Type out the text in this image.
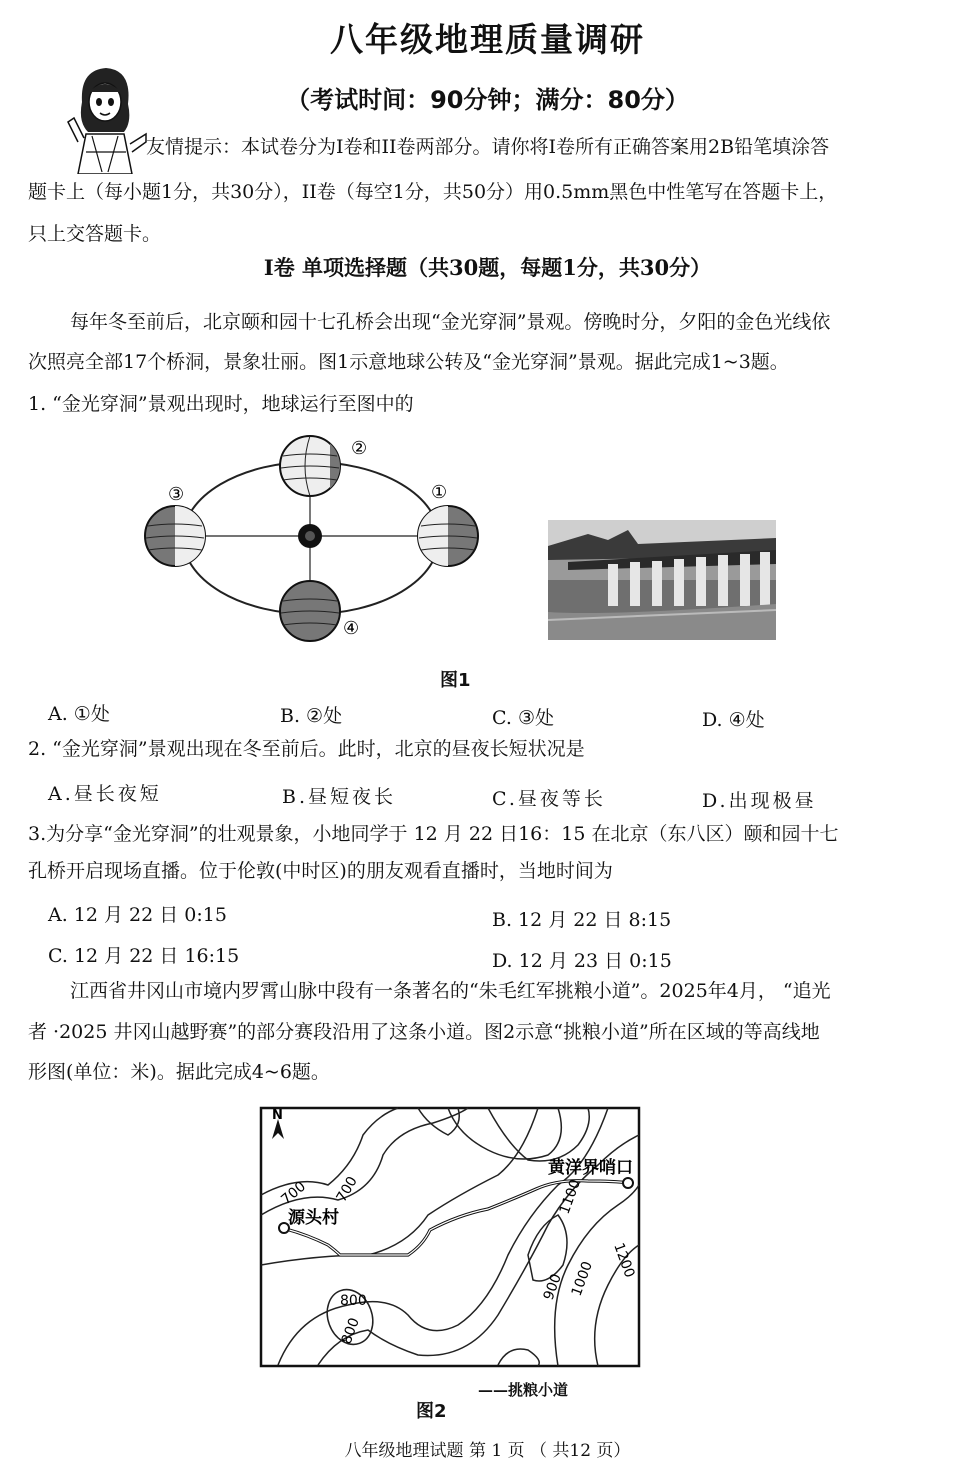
八年级地理质量调研
（考试时间：90分钟；满分：80分）
友情提示：本试卷分为I卷和II卷两部分。请你将I卷所有正确答案用2B铅笔填涂答
题卡上（每小题1分，共30分），II卷（每空1分，共50分）用0.5mm黑色中性笔写在答题卡上，
只上交答题卡。
I卷 单项选择题（共30题，每题1分，共30分）
每年冬至前后，北京颐和园十七孔桥会出现“金光穿洞”景观。傍晚时分，夕阳的金色光线依
次照亮全部17个桥洞，景象壮丽。图1示意地球公转及“金光穿洞”景观。据此完成1~3题。
1. “金光穿洞”景观出现时，地球运行至图中的
②
①
③
④
图1
A. ①处	B. ②处	C. ③处	D. ④处
2. “金光穿洞”景观出现在冬至前后。此时，北京的昼夜长短状况是
A.昼长夜短	B.昼短夜长	C.昼夜等长	D.出现极昼
3.为分享“金光穿洞”的壮观景象，小地同学于 12 月 22 日16：15 在北京（东八区）颐和园十七
孔桥开启现场直播。位于伦敦(中时区)的朋友观看直播时，当地时间为
A. 12 月 22 日 0:15	B. 12 月 22 日 8:15
C. 12 月 22 日 16:15	D. 12 月 23 日 0:15
江西省井冈山市境内罗霄山脉中段有一条著名的“朱毛红军挑粮小道”。2025年4月， “追光
者 ·2025 井冈山越野赛”的部分赛段沿用了这条小道。图2示意“挑粮小道”所在区域的等高线地
形图(单位：米)。据此完成4~6题。
N
源头村
黄洋界哨口
700 700	1100
1200
1000
900
800
800
——挑粮小道
图2
八年级地理试题 第 1 页 （ 共12 页）
